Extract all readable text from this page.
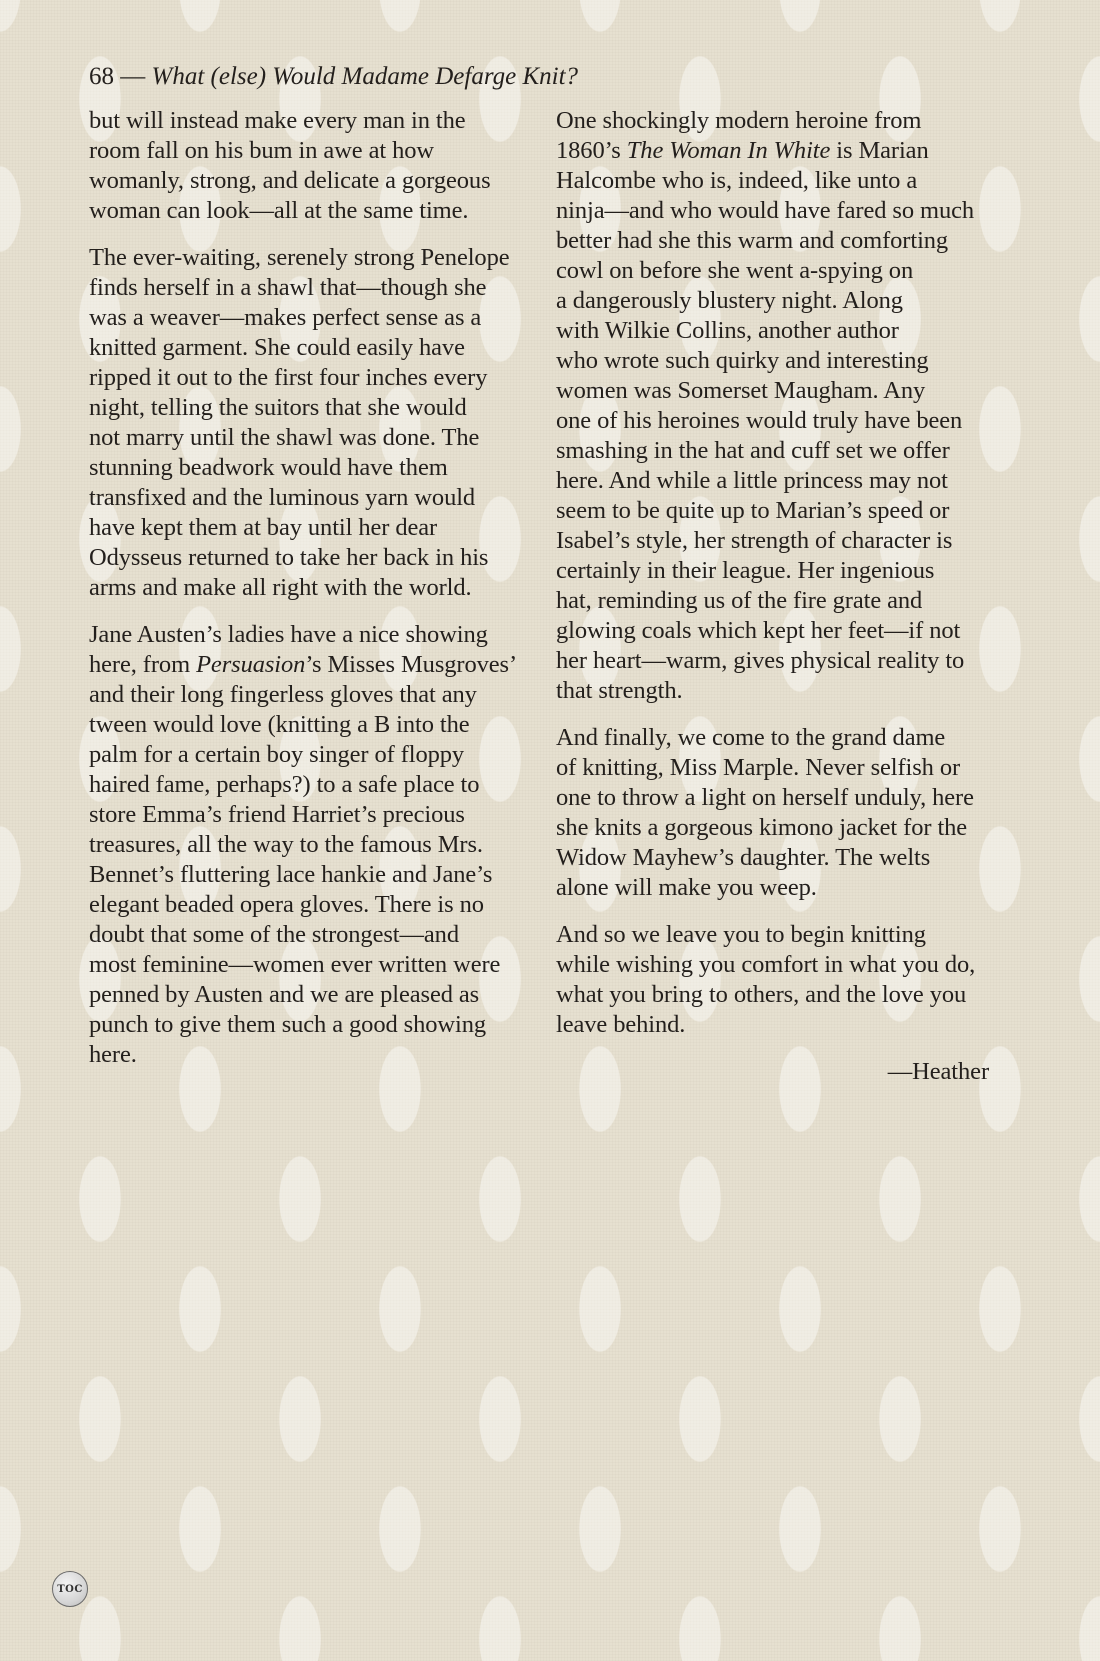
68 — What (else) Would Madame Defarge Knit?

but will instead make every man in the
room fall on his bum in awe at how
womanly, strong, and delicate a gorgeous
woman can look—all at the same time.

The ever-waiting, serenely strong Penelope
finds herself in a shawl that—though she
was a weaver—makes perfect sense as a
knitted garment. She could easily have
ripped it out to the first four inches every
night, telling the suitors that she would
not marry until the shawl was done. The
stunning beadwork would have them
transfixed and the luminous yarn would
have kept them at bay until her dear
Odysseus returned to take her back in his
arms and make all right with the world.

Jane Austen’s ladies have a nice showing
here, from Persuasion’s Misses Musgroves’
and their long fingerless gloves that any
tween would love (knitting a B into the
palm for a certain boy singer of floppy
haired fame, perhaps?) to a safe place to
store Emma’s friend Harriet’s precious
treasures, all the way to the famous Mrs.
Bennet’s fluttering lace hankie and Jane’s
elegant beaded opera gloves. There is no
doubt that some of the strongest—and
most feminine—women ever written were
penned by Austen and we are pleased as
punch to give them such a good showing
here.

One shockingly modern heroine from
1860’s The Woman In White is Marian
Halcombe who is, indeed, like unto a
ninja—and who would have fared so much
better had she this warm and comforting
cowl on before she went a-spying on
a dangerously blustery night. Along
with Wilkie Collins, another author
who wrote such quirky and interesting
women was Somerset Maugham. Any
one of his heroines would truly have been
smashing in the hat and cuff set we offer
here. And while a little princess may not
seem to be quite up to Marian’s speed or
Isabel’s style, her strength of character is
certainly in their league. Her ingenious
hat, reminding us of the fire grate and
glowing coals which kept her feet—if not
her heart—warm, gives physical reality to
that strength.

And finally, we come to the grand dame
of knitting, Miss Marple. Never selfish or
one to throw a light on herself unduly, here
she knits a gorgeous kimono jacket for the
Widow Mayhew’s daughter. The welts
alone will make you weep.

And so we leave you to begin knitting
while wishing you comfort in what you do,
what you bring to others, and the love you
leave behind.

—Heather

TOC
